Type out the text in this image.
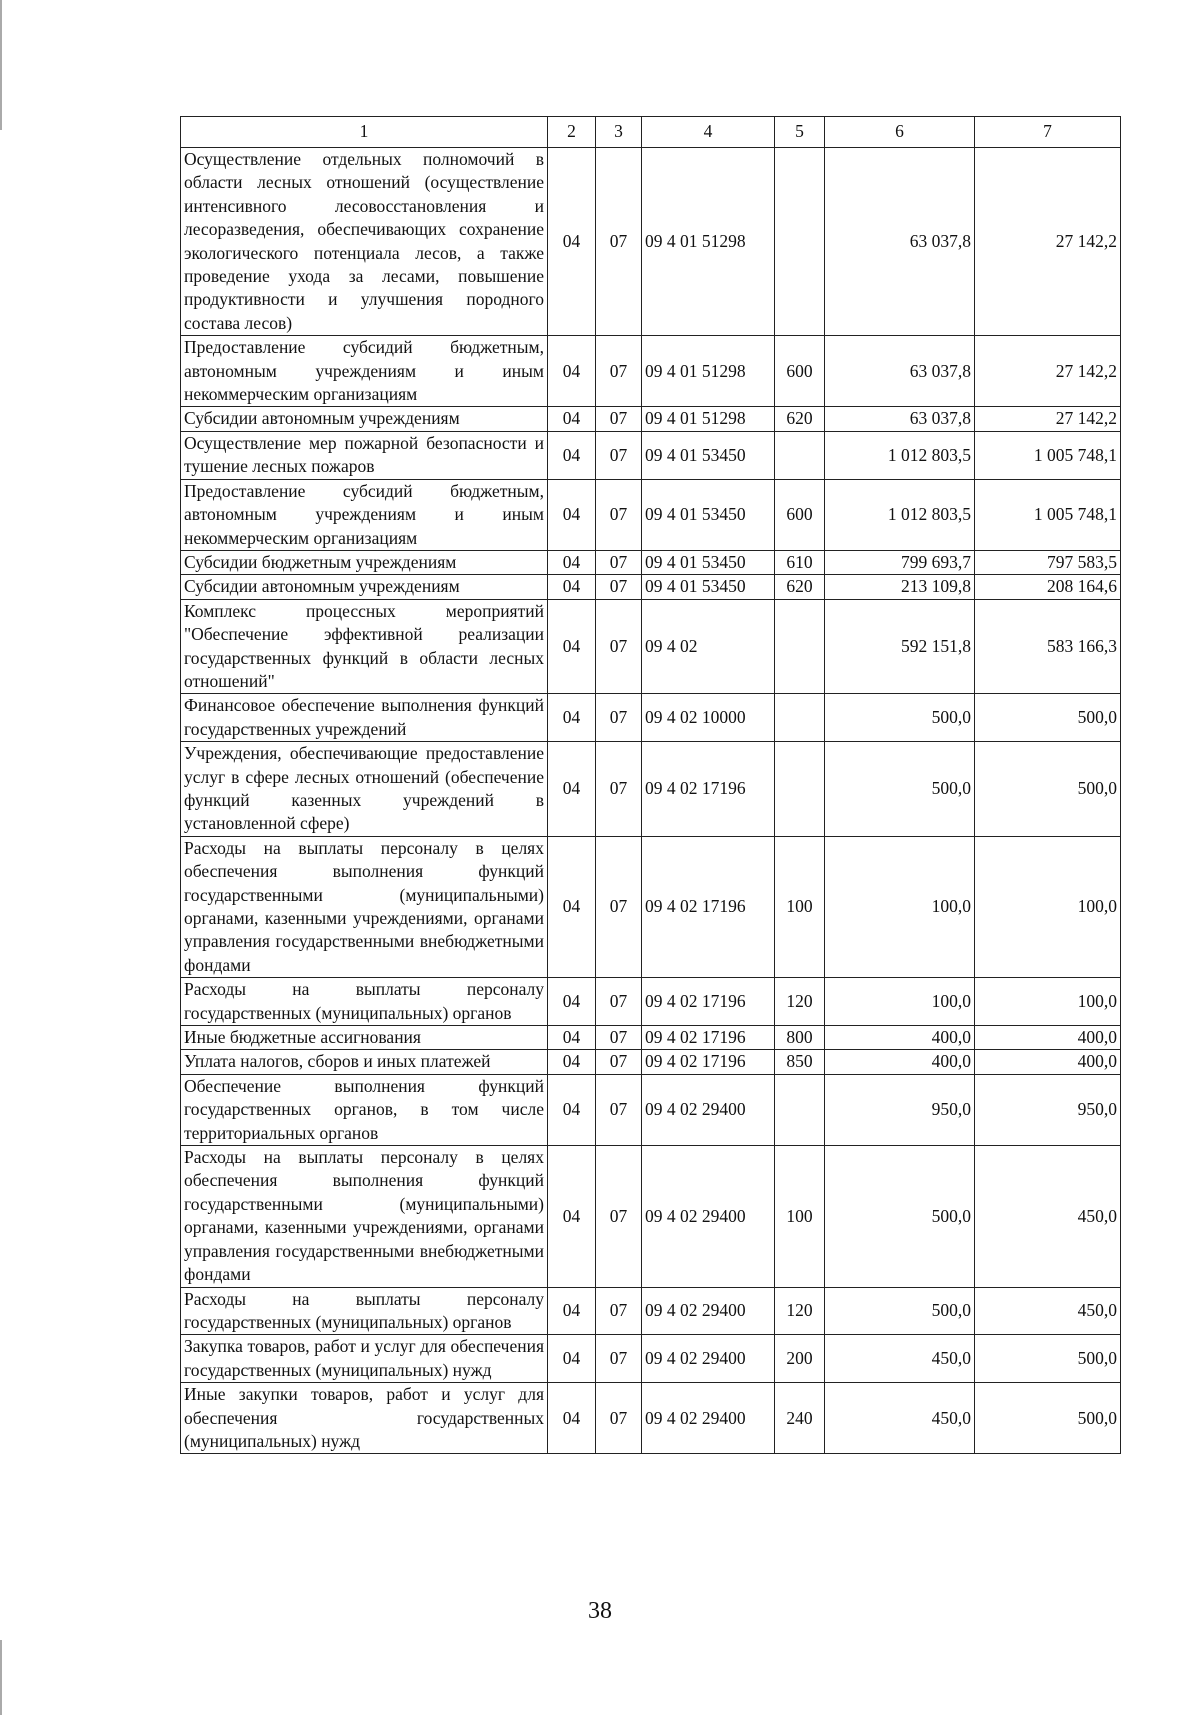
1	2	3	4	5	6	7
Осуществление отдельных полномочий в области лесных отношений (осуществление интенсивного лесовосстановления и лесоразведения, обеспечивающих сохранение экологического потенциала лесов, а также проведение ухода за лесами, повышение продуктивности и улучшения породного состава лесов)	04	07	09 4 01 51298		63 037,8	27 142,2
Предоставление субсидий бюджетным, автономным учреждениям и иным некоммерческим организациям	04	07	09 4 01 51298	600	63 037,8	27 142,2
Субсидии автономным учреждениям	04	07	09 4 01 51298	620	63 037,8	27 142,2
Осуществление мер пожарной безопасности и тушение лесных пожаров	04	07	09 4 01 53450		1 012 803,5	1 005 748,1
Предоставление субсидий бюджетным, автономным учреждениям и иным некоммерческим организациям	04	07	09 4 01 53450	600	1 012 803,5	1 005 748,1
Субсидии бюджетным учреждениям	04	07	09 4 01 53450	610	799 693,7	797 583,5
Субсидии автономным учреждениям	04	07	09 4 01 53450	620	213 109,8	208 164,6
Комплекс процессных мероприятий "Обеспечение эффективной реализации государственных функций в области лесных отношений"	04	07	09 4 02		592 151,8	583 166,3
Финансовое обеспечение выполнения функций государственных учреждений	04	07	09 4 02 10000		500,0	500,0
Учреждения, обеспечивающие предоставление услуг в сфере лесных отношений (обеспечение функций казенных учреждений в установленной сфере)	04	07	09 4 02 17196		500,0	500,0
Расходы на выплаты персоналу в целях обеспечения выполнения функций государственными (муниципальными) органами, казенными учреждениями, органами управления государственными внебюджетными фондами	04	07	09 4 02 17196	100	100,0	100,0
Расходы на выплаты персоналу государственных (муниципальных) органов	04	07	09 4 02 17196	120	100,0	100,0
Иные бюджетные ассигнования	04	07	09 4 02 17196	800	400,0	400,0
Уплата налогов, сборов и иных платежей	04	07	09 4 02 17196	850	400,0	400,0
Обеспечение выполнения функций государственных органов, в том числе территориальных органов	04	07	09 4 02 29400		950,0	950,0
Расходы на выплаты персоналу в целях обеспечения выполнения функций государственными (муниципальными) органами, казенными учреждениями, органами управления государственными внебюджетными фондами	04	07	09 4 02 29400	100	500,0	450,0
Расходы на выплаты персоналу государственных (муниципальных) органов	04	07	09 4 02 29400	120	500,0	450,0
Закупка товаров, работ и услуг для обеспечения государственных (муниципальных) нужд	04	07	09 4 02 29400	200	450,0	500,0
Иные закупки товаров, работ и услуг для обеспечения государственных (муниципальных) нужд	04	07	09 4 02 29400	240	450,0	500,0
38
